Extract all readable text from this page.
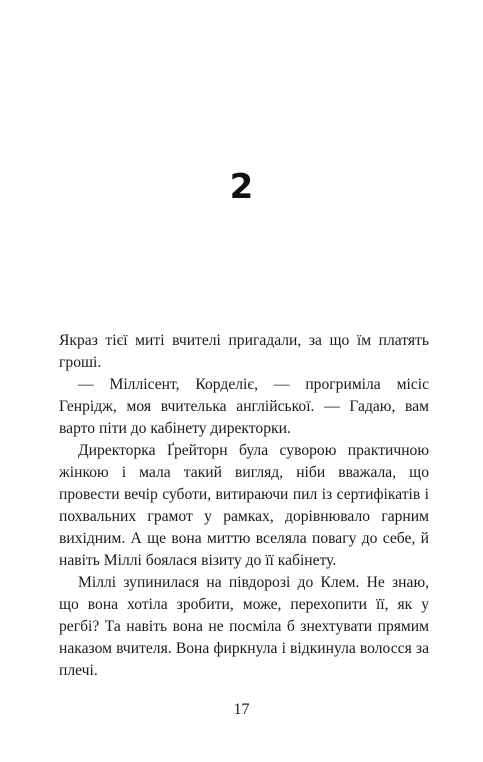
2

Якраз тієї миті вчителі пригадали, за що їм платять гроші.

— Міллісент, Корделіє, — прогриміла місіс Генрідж, моя вчителька англійської. — Гадаю, вам варто піти до кабінету директорки.

Директорка Ґрейторн була суворою практичною жінкою і мала такий вигляд, ніби вважала, що провести вечір суботи, витираючи пил із сертифікатів і похвальних грамот у рамках, дорівнювало гарним вихідним. А ще вона миттю вселяла повагу до себе, й навіть Міллі боялася візиту до її кабінету.

Міллі зупинилася на півдорозі до Клем. Не знаю, що вона хотіла зробити, може, перехопити її, як у регбі? Та навіть вона не посміла б знехтувати прямим наказом вчителя. Вона фиркнула і відкинула волосся за плечі.

17
